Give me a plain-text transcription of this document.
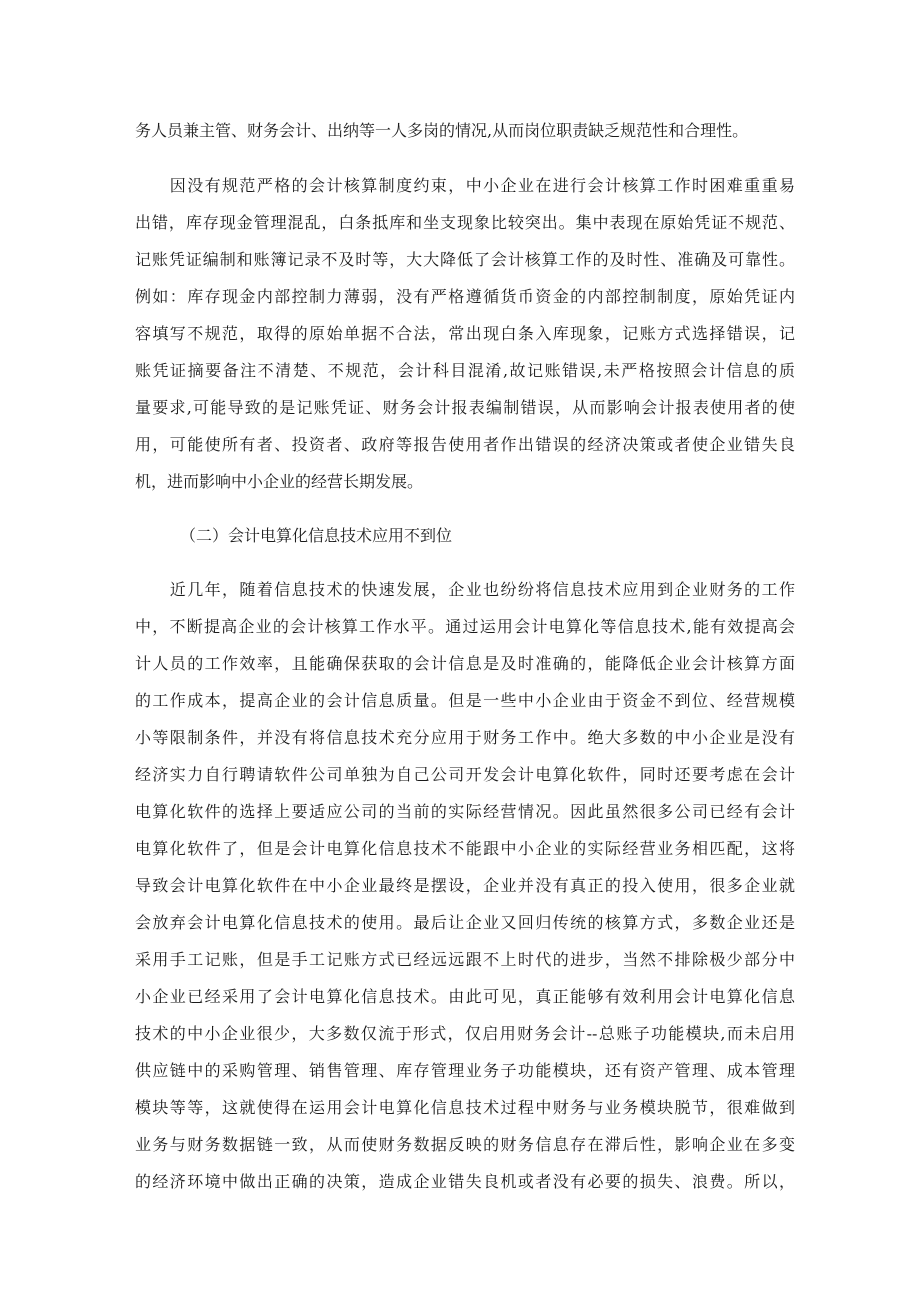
务人员兼主管、财务会计、出纳等一人多岗的情况,从而岗位职责缺乏规范性和合理性。
　　因没有规范严格的会计核算制度约束，中小企业在进行会计核算工作时困难重重易
出错，库存现金管理混乱，白条抵库和坐支现象比较突出。集中表现在原始凭证不规范、
记账凭证编制和账簿记录不及时等，大大降低了会计核算工作的及时性、准确及可靠性。
例如：库存现金内部控制力薄弱，没有严格遵循货币资金的内部控制制度，原始凭证内
容填写不规范，取得的原始单据不合法，常出现白条入库现象，记账方式选择错误，记
账凭证摘要备注不清楚、不规范，会计科目混淆,故记账错误,未严格按照会计信息的质
量要求,可能导致的是记账凭证、财务会计报表编制错误，从而影响会计报表使用者的使
用，可能使所有者、投资者、政府等报告使用者作出错误的经济决策或者使企业错失良
机，进而影响中小企业的经营长期发展。
（二）会计电算化信息技术应用不到位
　　近几年，随着信息技术的快速发展，企业也纷纷将信息技术应用到企业财务的工作
中，不断提高企业的会计核算工作水平。通过运用会计电算化等信息技术,能有效提高会
计人员的工作效率，且能确保获取的会计信息是及时准确的，能降低企业会计核算方面
的工作成本，提高企业的会计信息质量。但是一些中小企业由于资金不到位、经营规模
小等限制条件，并没有将信息技术充分应用于财务工作中。绝大多数的中小企业是没有
经济实力自行聘请软件公司单独为自己公司开发会计电算化软件，同时还要考虑在会计
电算化软件的选择上要适应公司的当前的实际经营情况。因此虽然很多公司已经有会计
电算化软件了，但是会计电算化信息技术不能跟中小企业的实际经营业务相匹配，这将
导致会计电算化软件在中小企业最终是摆设，企业并没有真正的投入使用，很多企业就
会放弃会计电算化信息技术的使用。最后让企业又回归传统的核算方式，多数企业还是
采用手工记账，但是手工记账方式已经远远跟不上时代的进步，当然不排除极少部分中
小企业已经采用了会计电算化信息技术。由此可见，真正能够有效利用会计电算化信息
技术的中小企业很少，大多数仅流于形式，仅启用财务会计--总账子功能模块,而未启用
供应链中的采购管理、销售管理、库存管理业务子功能模块，还有资产管理、成本管理
模块等等，这就使得在运用会计电算化信息技术过程中财务与业务模块脱节，很难做到
业务与财务数据链一致，从而使财务数据反映的财务信息存在滞后性，影响企业在多变
的经济环境中做出正确的决策，造成企业错失良机或者没有必要的损失、浪费。所以，
